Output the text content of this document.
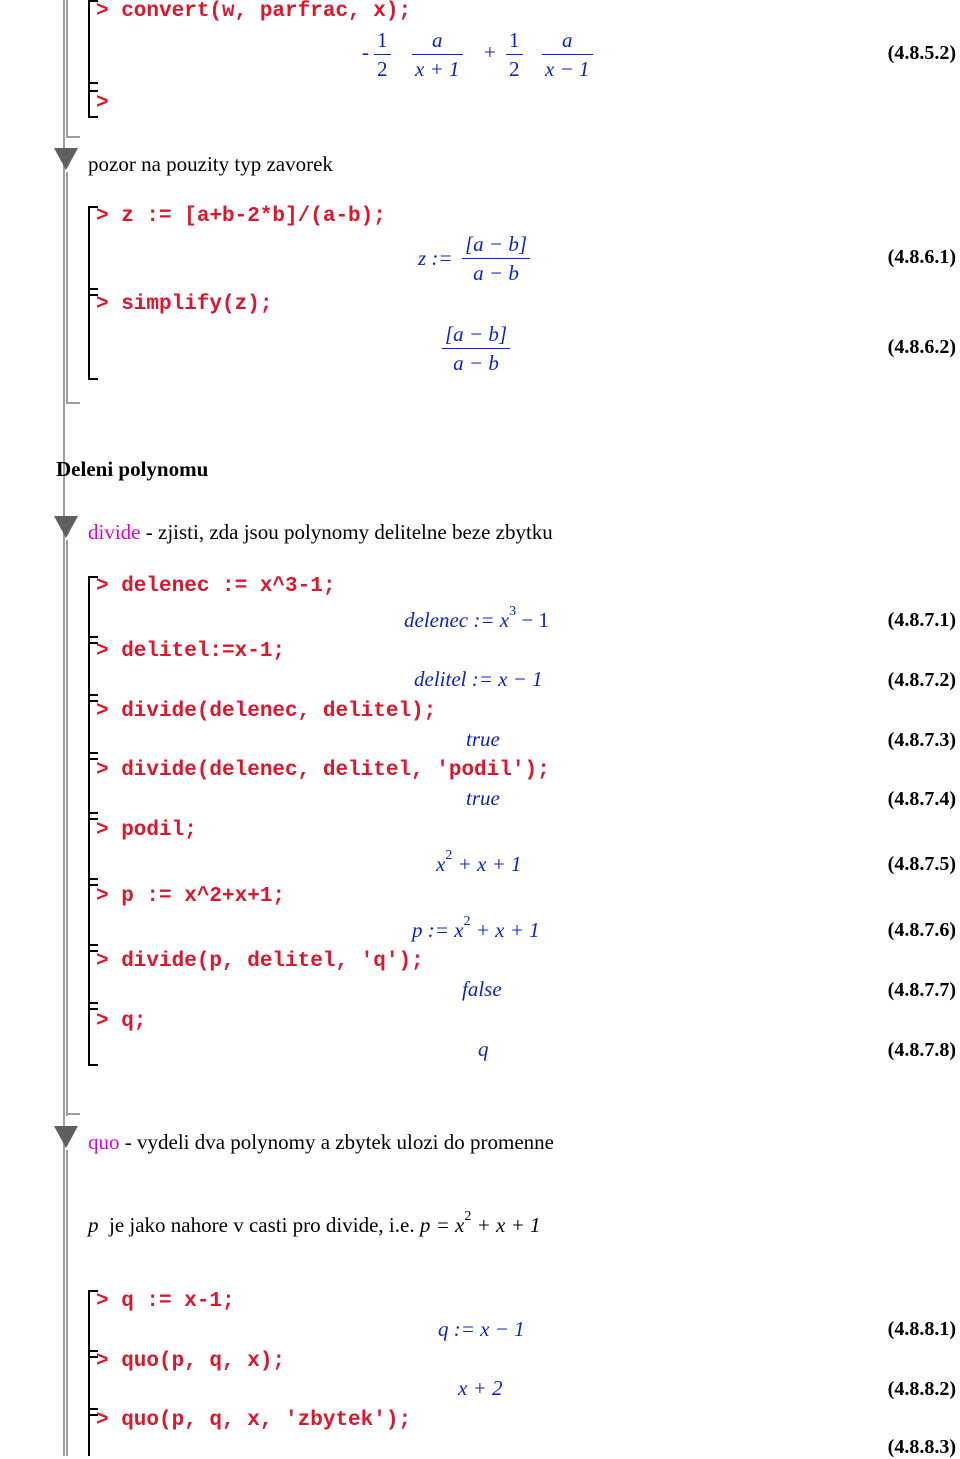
> convert(w, parfrac, x);
- $\frac{1}{2} \frac{a}{x + 1} + \frac{1}{2} \frac{a}{x - 1}$	(4.8.5.2)
>
pozor na pouzity typ zavorek
> z := [a+b-2*b]/(a-b);
z := $\frac{[a - b]}{a - b}$	(4.8.6.1)
> simplify(z);
$\frac{[a - b]}{a - b}$	(4.8.6.2)
Deleni polynomu
divide - zjisti, zda jsou polynomy delitelne beze zbytku
> delenec := x^3-1;
delenec := $x^3 - 1$	(4.8.7.1)
> delitel:=x-1;
delitel := x − 1	(4.8.7.2)
> divide(delenec, delitel);
true	(4.8.7.3)
> divide(delenec, delitel, 'podil');
true	(4.8.7.4)
> podil;
$x^2 + x + 1$	(4.8.7.5)
> p := x^2+x+1;
p := $x^2 + x + 1$	(4.8.7.6)
> divide(p, delitel, 'q');
false	(4.8.7.7)
> q;
q	(4.8.7.8)
quo - vydeli dva polynomy a zbytek ulozi do promenne
p  je jako nahore v casti pro divide, i.e. $p = x^2 + x + 1$
> q := x-1;
q := x − 1	(4.8.8.1)
> quo(p, q, x);
x + 2	(4.8.8.2)
> quo(p, q, x, 'zbytek');
(4.8.8.3)
